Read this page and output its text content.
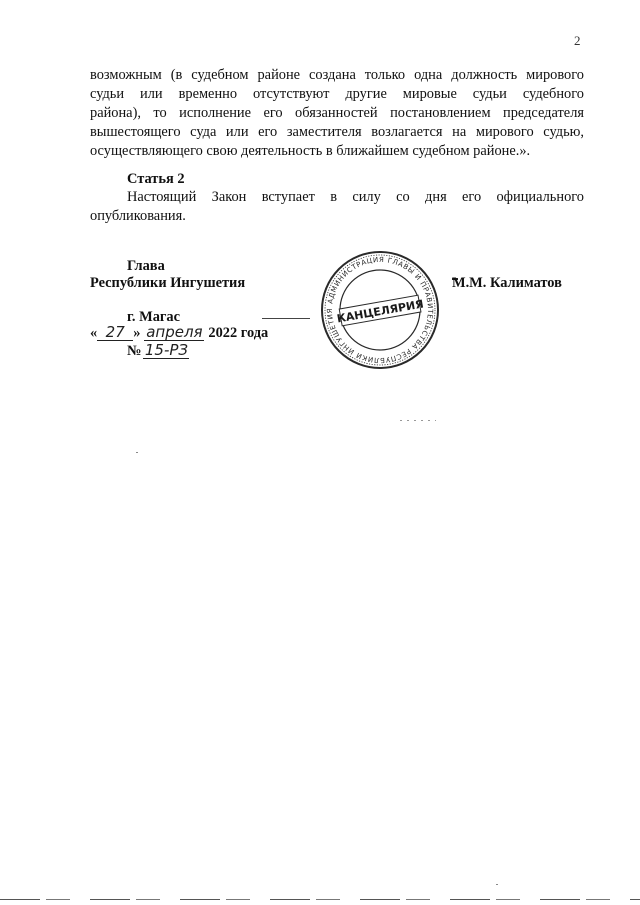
2
возможным (в судебном районе создана только одна должность мирового
судьи или временно отсутствуют другие мировые судьи судебного
района), то исполнение его обязанностей постановлением председателя
вышестоящего суда или его заместителя возлагается на мирового судью,
осуществляющего свою деятельность в ближайшем судебном районе.».
Статья 2
Настоящий Закон вступает в силу со дня его официального
опубликования.
Глава
Республики Ингушетия	М.М. Калиматов
г. Магас
« 27 » апреля 2022 года
№ 15-РЗ
АДМИНИСТРАЦИЯ ГЛАВЫ И ПРАВИТЕЛЬСТВА РЕСПУБЛИКИ ИНГУШЕТИЯ КАНЦЕЛЯРИЯ
